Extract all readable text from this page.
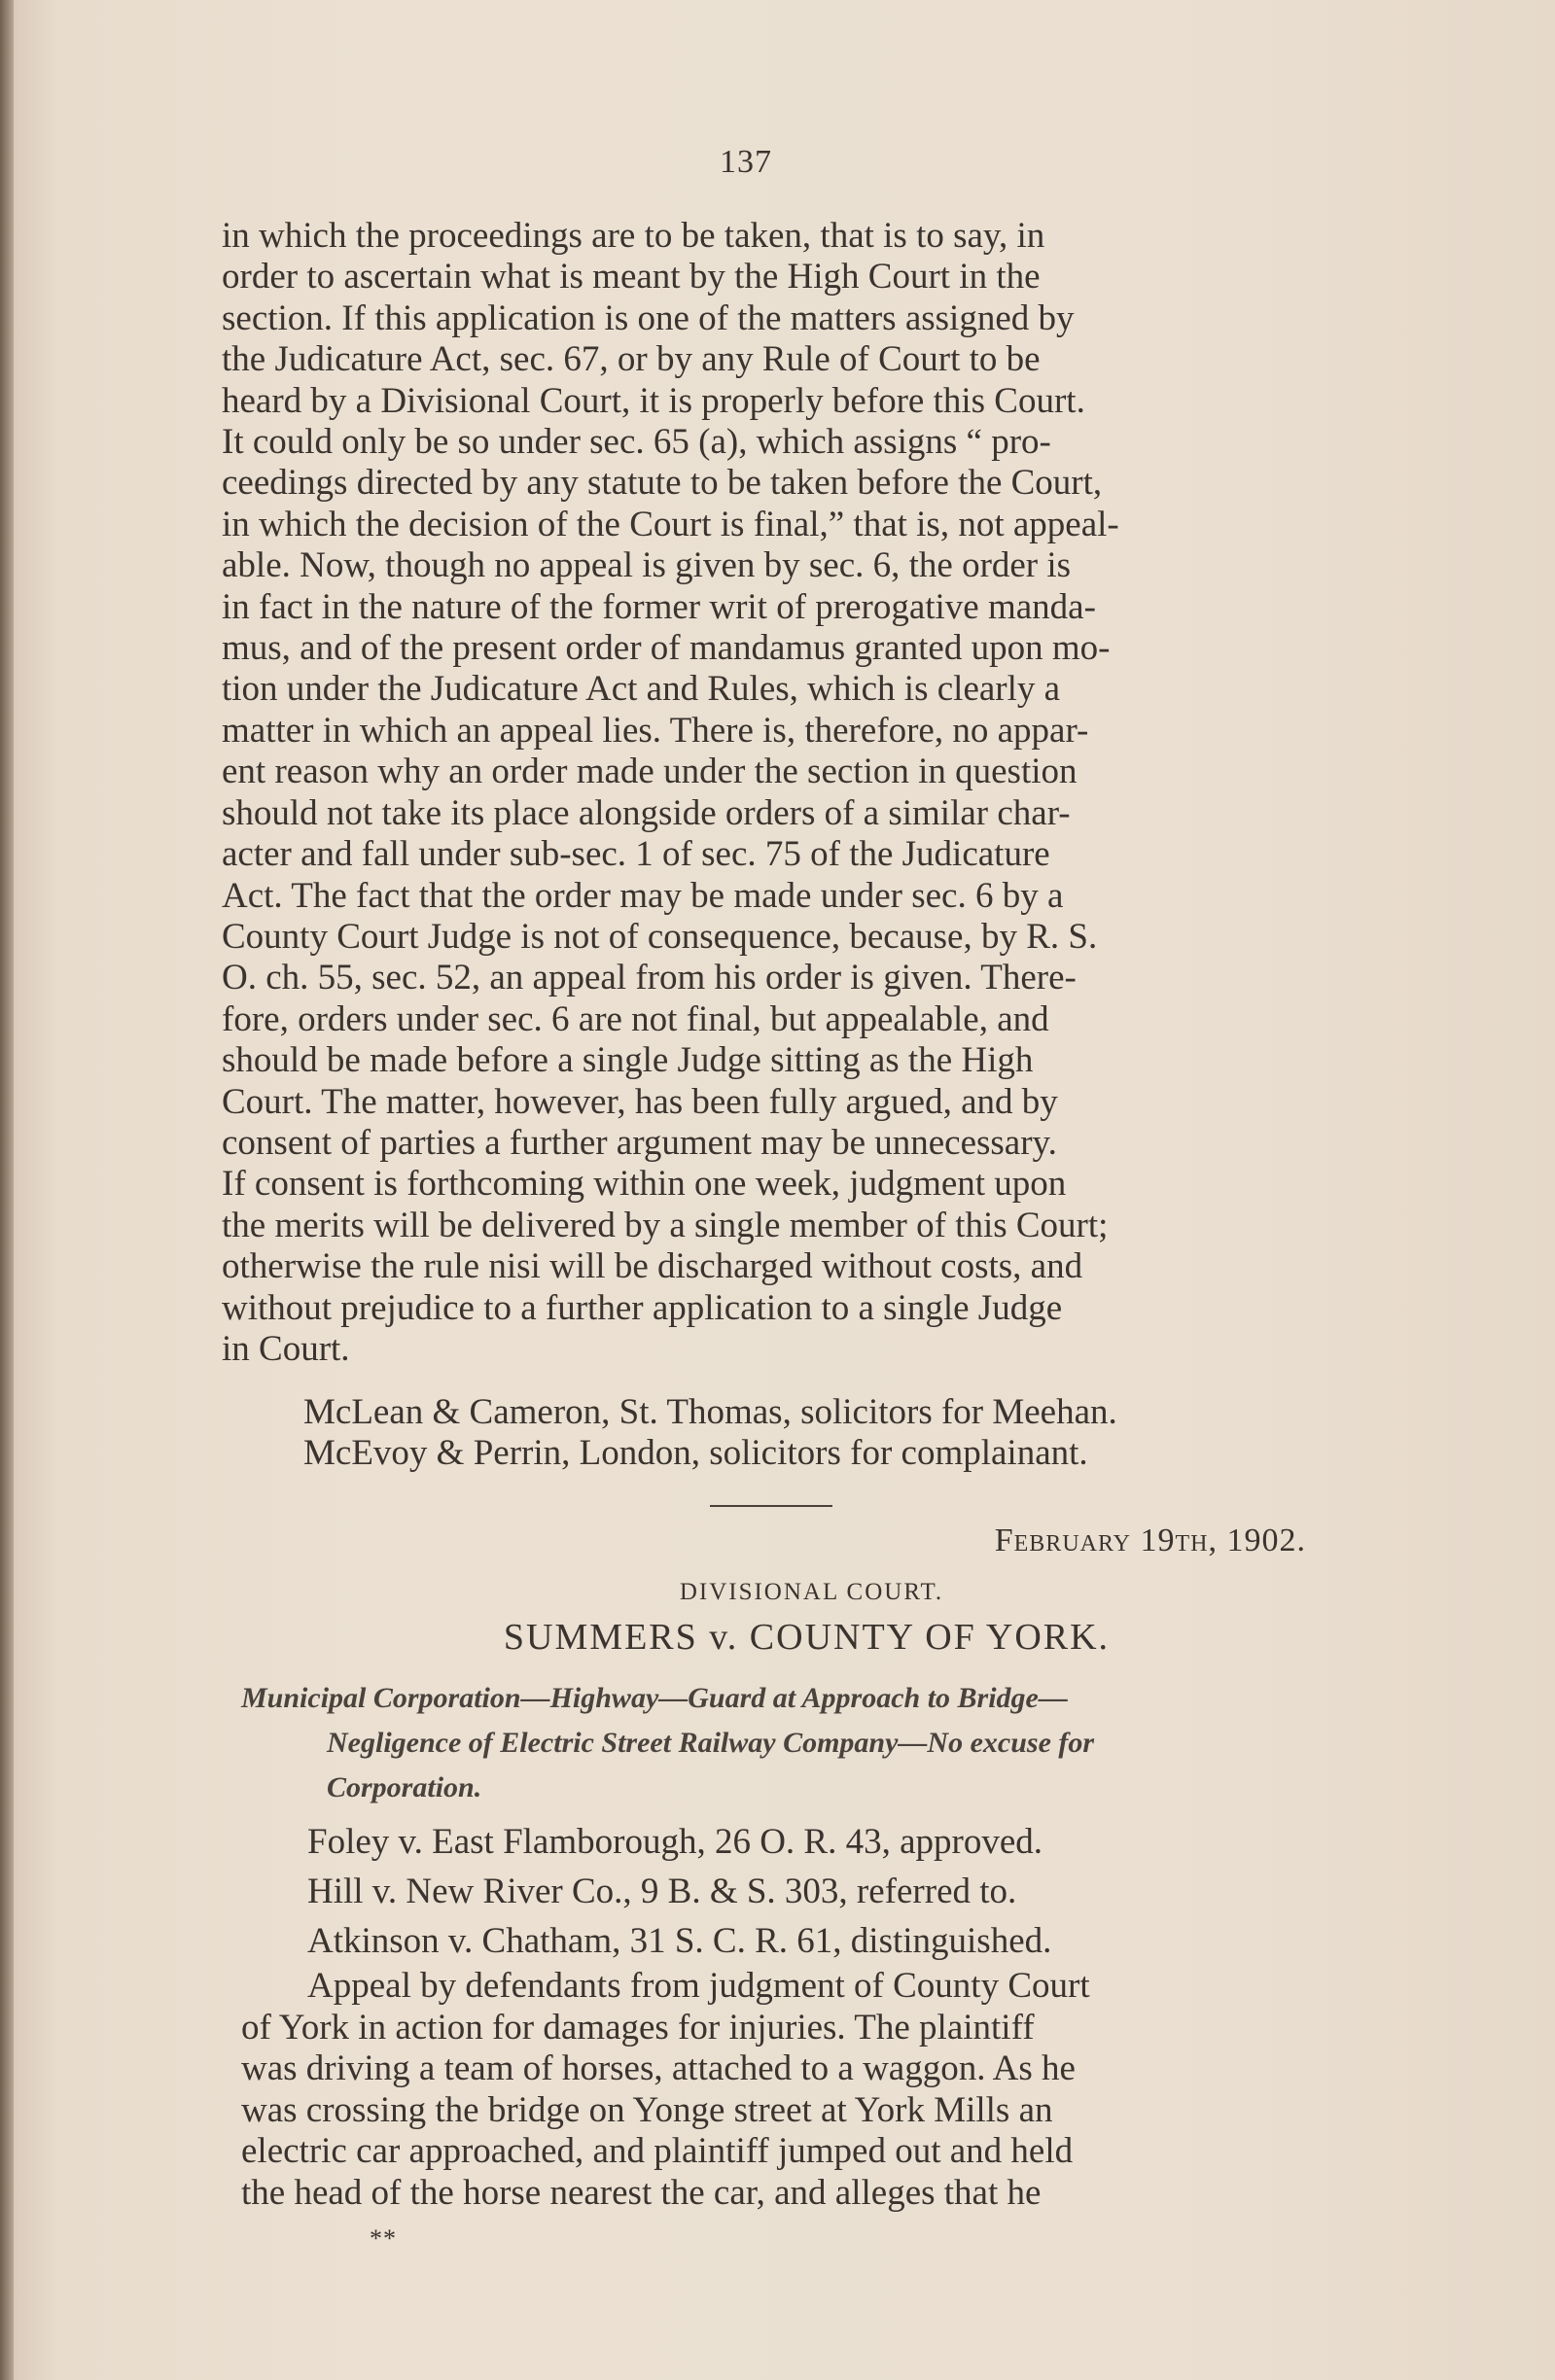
137

in which the proceedings are to be taken, that is to say, in

order to ascertain what is meant by the High Court in the

section. If this application is one of the matters assigned by

the Judicature Act, sec. 67, or by any Rule of Court to be

heard by a Divisional Court, it is properly before this Court.

It could only be so under sec. 65 (a), which assigns “ pro-

ceedings directed by any statute to be taken before the Court,

in which the decision of the Court is final,” that is, not appeal-

able. Now, though no appeal is given by sec. 6, the order is

in fact in the nature of the former writ of prerogative manda-

mus, and of the present order of mandamus granted upon mo-

tion under the Judicature Act and Rules, which is clearly a

matter in which an appeal lies. There is, therefore, no appar-

ent reason why an order made under the section in question

should not take its place alongside orders of a similar char-

acter and fall under sub-sec. 1 of sec. 75 of the Judicature

Act. The fact that the order may be made under sec. 6 by a

County Court Judge is not of consequence, because, by R. S.

O. ch. 55, sec. 52, an appeal from his order is given. There-

fore, orders under sec. 6 are not final, but appealable, and

should be made before a single Judge sitting as the High

Court. The matter, however, has been fully argued, and by

consent of parties a further argument may be unnecessary.

If consent is forthcoming within one week, judgment upon

the merits will be delivered by a single member of this Court;

otherwise the rule nisi will be discharged without costs, and

without prejudice to a further application to a single Judge

in Court.

McLean & Cameron, St. Thomas, solicitors for Meehan.

McEvoy & Perrin, London, solicitors for complainant.

February 19th, 1902.
DIVISIONAL COURT.
SUMMERS v. COUNTY OF YORK.
Municipal Corporation—Highway—Guard at Approach to Bridge—
Negligence of Electric Street Railway Company—No excuse for
Corporation.

Foley v. East Flamborough, 26 O. R. 43, approved.

Hill v. New River Co., 9 B. & S. 303, referred to.

Atkinson v. Chatham, 31 S. C. R. 61, distinguished.

Appeal by defendants from judgment of County Court

of York in action for damages for injuries. The plaintiff

was driving a team of horses, attached to a waggon. As he

was crossing the bridge on Yonge street at York Mills an

electric car approached, and plaintiff jumped out and held

the head of the horse nearest the car, and alleges that he

**
